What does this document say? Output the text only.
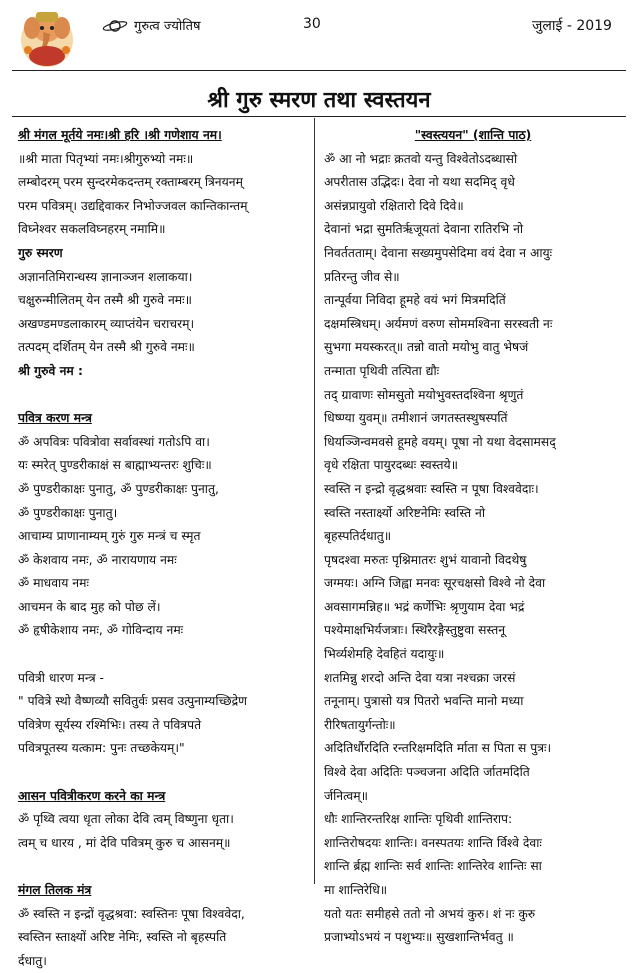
गुरुत्व ज्योतिष	30	जुलाई - 2019
श्री गुरु स्मरण तथा स्वस्तयन

श्री मंगल मूर्तये नमः।श्री हरि ।श्री गणेशाय नम।

॥श्री माता पितृभ्यां नमः।श्रीगुरुभ्यो नमः॥

लम्बोदरम् परम सुन्दरमेकदन्तम् रक्ताम्बरम् त्रिनयनम्

परम पवित्रम्। उद्यद्दिवाकर निभोज्जवल कान्तिकान्तम्

विघ्नेश्वर सकलविघ्नहरम् नमामि॥

गुरु स्मरण

अज्ञानतिमिरान्धस्य ज्ञानाञ्जन शलाकया।

चक्षुरुन्मीलितम् येन तस्मै श्री गुरुवे नमः॥

अखण्डमण्डलाकारम् व्याप्तंयेन चराचरम्।

तत्पदम् दर्शितम् येन तस्मै श्री गुरुवे नमः॥

श्री गुरुवे नम :

पवित्र करण मन्त्र

ॐ अपवित्रः पवित्रोवा सर्वावस्थां गतोऽपि वा।

यः स्मरेत् पुण्डरीकाक्षं स बाह्माभ्यन्तरः शुचिः॥

ॐ पुण्डरीकाक्षः पुनातु, ॐ पुण्डरीकाक्षः पुनातु,

ॐ पुण्डरीकाक्षः पुनातु।

आचाम्य प्राणानाम्यम् गुरुं गुरु मन्त्रं च स्मृत

ॐ केशवाय नमः, ॐ नारायणाय नमः

ॐ माधवाय नमः

आचमन के बाद मुह को पोछ लें।

ॐ हृषीकेशाय नमः, ॐ गोविन्दाय नमः

पवित्री धारण मन्त्र -

" पवित्रे स्थो वैष्णव्यौ सवितुर्वः प्रसव उत्पुनाम्यच्छिद्रेण

पवित्रेण सूर्यस्य रश्मिभिः। तस्य ते पवित्रपते

पवित्रपूतस्य यत्काम: पुनः तच्छकेयम्।"

आसन पवित्रीकरण करने का मन्त्र

ॐ पृथ्वि त्वया धृता लोका देवि त्वम् विष्णुना धृता।

त्वम् च धारय , मां देवि पवित्रम् कुरु च आसनम्॥

मंगल तिलक मंत्र

ॐ स्वस्ति न इन्द्रों वृद्धश्रवा: स्वस्तिनः पूषा विश्ववेदा,

स्वस्तिन स्ताक्ष्यों अरिष्ट नेमिः, स्वस्ति नो बृहस्पति

र्दधातु।

"स्वस्त्ययन" (शान्ति पाठ)

ॐ आ नो भद्राः क्रतवो यन्तु विश्वेतोऽदब्धासो

अपरीतास उद्भिदः। देवा नो यथा सदमिद् वृधे

असंन्नप्रायुवो रक्षितारो दिवे दिवे॥

देवानां भद्रा सुमतिर्ऋजूयतां देवाना रातिरभि नो

निवर्ततताम्। देवाना सख्यमुपसेदिमा वयं देवा न आयुः

प्रतिरन्तु जीव से॥

तान्पूर्वया निविदा हूमहे वयं भगं मित्रमदितिं

दक्षमस्त्रिधम्। अर्यमणं वरुण सोममश्विना सरस्वती नः

सुभगा मयस्करत्॥ तन्नो वातो मयोभु वातु भेषजं

तन्माता पृथिवी तत्पिता द्यौः

तद् ग्रावाणः सोमसुतो मयोभुवस्तदश्विना श्रृणुतं

धिष्ण्या युवम्॥ तमीशानं जगतस्तस्थुषस्पतिं

धियञ्जिन्वमवसे हूमहे वयम्। पूषा नो यथा वेदसामसद्

वृधे रक्षिता पायुरदब्धः स्वस्तये॥

स्वस्ति न इन्द्रो वृद्धश्रवाः स्वस्ति न पूषा विश्ववेदाः।

स्वस्ति नस्तार्क्ष्यो अरिष्टनेमिः स्वस्ति नो

बृहस्पतिर्दधातु॥

पृषदश्वा मरुतः पृश्निमातरः शुभं यावानो विदथेषु

जग्मयः। अग्नि जिह्वा मनवः सूरचक्षसो विश्वे नो देवा

अवसागमन्निह॥ भद्रं कर्णेभिः श्रृणुयाम देवा भद्रं

पश्येमाक्षभिर्यजत्राः। स्थिरैरङ्गैस्तुष्टुवा सस्तनू

भिर्व्यशेमहि देवहितं यदायुः॥

शतमिन्नु शरदो अन्ति देवा यत्रा नश्चक्रा जरसं

तनूनाम्। पुत्रासो यत्र पितरो भवन्ति मानो मध्या

रीरिषतायुर्गन्तोः॥

अदितिर्धौरदिति रन्तरिक्षमदिति र्माता स पिता स पुत्रः।

विश्वे देवा अदितिः पञ्चजना अदिति र्जातमदिति

र्जनित्वम्॥

धौः शान्तिरन्तरिक्ष शान्तिः पृथिवी शान्तिराप:

शान्तिरोषदयः शान्तिः। वनस्पतयः शान्ति र्विश्वे देवाः

शान्ति र्ब्रह्म शान्तिः सर्व शान्तिः शान्तिरेव शान्तिः सा

मा शान्तिरेधि॥

यतो यतः समीहसे ततो नो अभयं कुरु। शं नः कुरु

प्रजाभ्योऽभयं न पशुभ्यः॥ सुखशान्तिर्भवतु ॥
